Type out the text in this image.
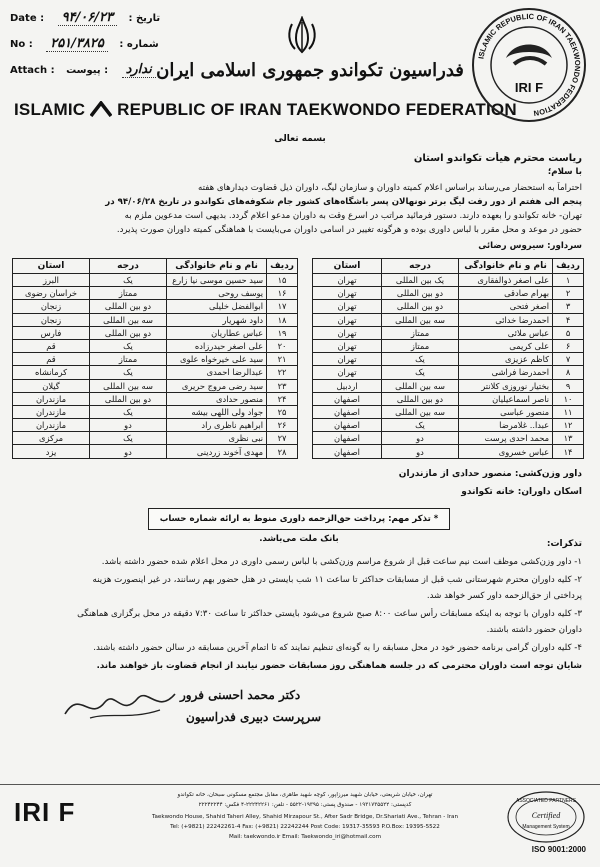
Date : ۹۴/۰۶/۲۳ : تاریخ
No : ۲۵۱/۳۸۲۵ : شماره
Attach :	ندارد : پیوست	فدراسیون تکواندو جمهوری اسلامی ایران
ISLAMIC REPUBLIC OF IRAN TAEKWONDO FEDERATION
ISLAMIC REPUBLIC OF IRAN TAEKWONDO FEDERATION
IRI F
بسمه تعالی
ریاست محترم هیأت تکواندو استان
با سلام؛
احتراماً به استحضار می‌رساند براساس اعلام کمیته داوران و سازمان لیگ، داوران ذیل قضاوت دیدارهای هفته
پنجم الی هفتم از دور رفت لیگ برتر نونهالان پسر باشگاه‌های کشور جام شکوفه‌های تکواندو در تاریخ ۹۴/۰۶/۲۸ در
تهران- خانه تکواندو را بعهده دارند. دستور فرمائید مراتب در اسرع وقت به داوران مدعو اعلام گردد. بدیهی است مدعوین ملزم به
حضور در موعد و محل مقرر با لباس داوری بوده و هرگونه تغییر در اسامی داوران می‌بایست با هماهنگی کمیته داوران صورت پذیرد.
سرداور: سیروس رضائی
ردیف	نام و نام خانوادگی	درجه	استان
۱	علی اصغر ذوالفقاری	یک بین المللی	تهران
۲	بهرام صادقی	دو بین المللی	تهران
۳	اصغر فتحی	دو بین المللی	تهران
۴	احمدرضا خدائی	سه بین المللی	تهران
۵	عباس ملائی	ممتاز	تهران
۶	علی کریمی	ممتاز	تهران
۷	کاظم عزیزی	یک	تهران
۸	احمدرضا فراشی	یک	تهران
۹	بختیار نوروزی کلانتر	سه بین المللی	اردبیل
۱۰	ناصر اسماعیلیان	دو بین المللی	اصفهان
۱۱	منصور عباسی	سه بین المللی	اصفهان
۱۲	عبدا.. غلامرضا	یک	اصفهان
۱۳	محمد احدی پرست	دو	اصفهان
۱۴	عباس خسروی	دو	اصفهان
ردیف	نام و نام خانوادگی	درجه	استان
۱۵	سید حسین موسی نیا زارع	یک	البرز
۱۶	یوسف روحی	ممتاز	خراسان رضوی
۱۷	ابوالفضل خلیلی	دو بین المللی	زنجان
۱۸	داود شهریار	سه بین المللی	زنجان
۱۹	عباس عطاریان	دو بین المللی	فارس
۲۰	علی اصغر حیدرزاده	یک	قم
۲۱	سید علی خیرخواه علوی	ممتاز	قم
۲۲	عبدالرضا احمدی	یک	کرمانشاه
۲۳	سید رضی مروج حریری	سه بین المللی	گیلان
۲۴	منصور حدادی	دو بین المللی	مازندران
۲۵	جواد ولی اللهی بیشه	یک	مازندران
۲۶	ابراهیم ناظری راد	دو	مازندران
۲۷	نبی نظری	یک	مرکزی
۲۸	مهدی آخوند زردینی	دو	یزد
داور وزن‌کشی: منصور حدادی از مازندران
اسکان داوران: خانه تکواندو
* تذکر مهم: پرداخت حق‌الزحمه داوری منوط به ارائه شماره حساب بانک ملت می‌باشد.	تذکرات:
۱- داور وزن‌کشی موظف است نیم ساعت قبل از شروع مراسم وزن‌کشی با لباس رسمی داوری در محل اعلام شده حضور داشته باشد.
۲- کلیه داوران محترم شهرستانی شب قبل از مسابقات حداکثر تا ساعت ۱۱ شب بایستی در هتل حضور بهم رسانند، در غیر اینصورت هزینه
پرداختی از حق‌الزحمه داور کسر خواهد شد.
۳- کلیه داوران با توجه به اینکه مسابقات رأس ساعت ۸:۰۰ صبح شروع می‌شود بایستی حداکثر تا ساعت ۷:۳۰ دقیقه در محل برگزاری هماهنگی
داوران حضور داشته باشند.
۴- کلیه داوران گرامی برنامه حضور خود در محل مسابقه را به گونه‌ای تنظیم نمایند که تا اتمام آخرین مسابقه در سالن حضور داشته باشند.
شایان توجه است داوران محترمی که در جلسه هماهنگی روز مسابقات حضور نیابند از انجام قضاوت باز خواهند ماند.
دکتر محمد احسنی فرور
سرپرست دبیری فدراسیون
IRI F
تهران، خیابان شریعتی، خیابان شهید میرزاپور، کوچه شهید طاهری، مقابل مجتمع مسکونی سبحان، خانه تکواندو
کدپستی: ۱۹۳۱۷۳۵۵۲۲ - صندوق پستی: ۱۹۳۹۵-۵۵۲۲ - تلفن: ۲۲۲۴۲۲۶۱-۴ فکس: ۲۲۲۴۲۲۴۴
Taekwondo House, Shahid Taheri Alley, Shahid Mirzapour St., After Sadr Bridge, Dr.Shariati Ave., Tehran - Iran
Tel: (+9821) 22242261-4 Fax: (+9821) 22242244 Post Code: 19317-35593 P.O.Box: 19395-5522
Mail: taekwondo.ir Email: Taekwondo_iri@hotmail.com
ASSOCIATED PARTNERS
Certified
Management System
ISO 9001:2000
